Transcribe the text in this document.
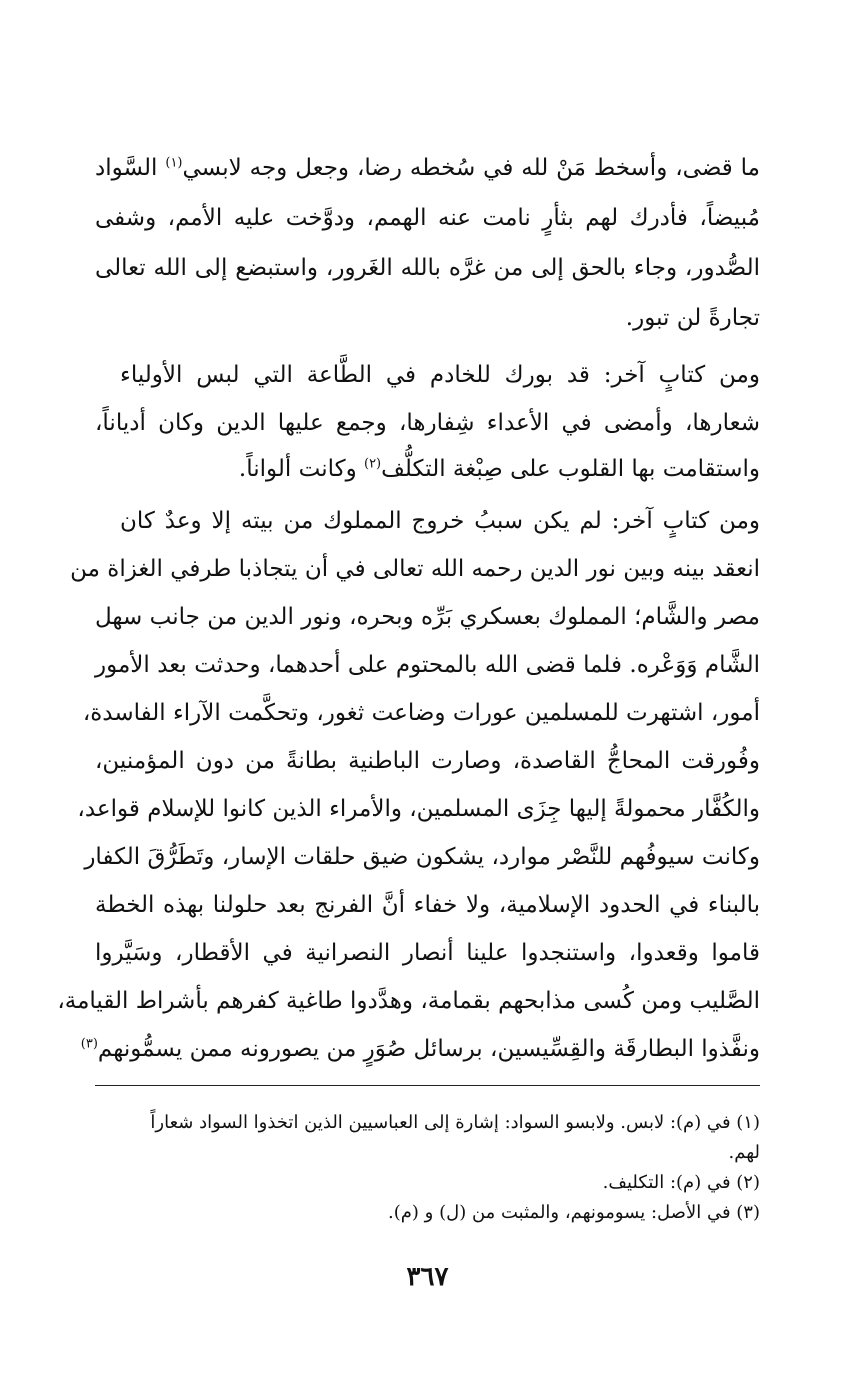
ما قضى، وأسخط مَنْ لله في سُخطه رضا، وجعل وجه لابسي$^{(١)}$ السَّواد
مُبيضاً، فأدرك لهم بثأرٍ نامت عنه الهمم، ودوَّخت عليه الأمم، وشفى
الصُّدور، وجاء بالحق إلى من غرَّه بالله الغَرور، واستبضع إلى الله تعالى
تجارةً لن تبور.
ومن كتابٍ آخر: قد بورك للخادم في الطَّاعة التي لبس الأولياء
شعارها، وأمضى في الأعداء شِفارها، وجمع عليها الدين وكان أدياناً،
واستقامت بها القلوب على صِبْغة التكلُّف$^{(٢)}$ وكانت ألواناً.
ومن كتابٍ آخر: لم يكن سببُ خروج المملوك من بيته إلا وعدٌ كان
انعقد بينه وبين نور الدين رحمه الله تعالى في أن يتجاذبا طرفي الغزاة من
مصر والشَّام؛ المملوك بعسكري بَرِّه وبحره، ونور الدين من جانب سهل
الشَّام وَوَعْره. فلما قضى الله بالمحتوم على أحدهما، وحدثت بعد الأمور
أمور، اشتهرت للمسلمين عورات وضاعت ثغور، وتحكَّمت الآراء الفاسدة،
وفُورقت المحاجُّ القاصدة، وصارت الباطنية بطانةً من دون المؤمنين،
والكُفَّار محمولةً إليها جِزَى المسلمين، والأمراء الذين كانوا للإسلام قواعد،
وكانت سيوفُهم للنَّصْر موارد، يشكون ضيق حلقات الإسار، وتَطَرُّقَ الكفار
بالبناء في الحدود الإسلامية، ولا خفاء أنَّ الفرنج بعد حلولنا بهذه الخطة
قاموا وقعدوا، واستنجدوا علينا أنصار النصرانية في الأقطار، وسَيَّروا
الصَّليب ومن كُسى مذابحهم بقمامة، وهدَّدوا طاغية كفرهم بأشراط القيامة،
ونفَّذوا البطارقَة والقِسِّيسين، برسائل صُوَرٍ من يصورونه ممن يسمُّونهم$^{(٣)}$
(١) في (م): لابس. ولابسو السواد: إشارة إلى العباسيين الذين اتخذوا السواد شعاراً
لهم.
(٢) في (م): التكليف.
(٣) في الأصل: يسومونهم، والمثبت من (ل) و (م).
٣٦٧
